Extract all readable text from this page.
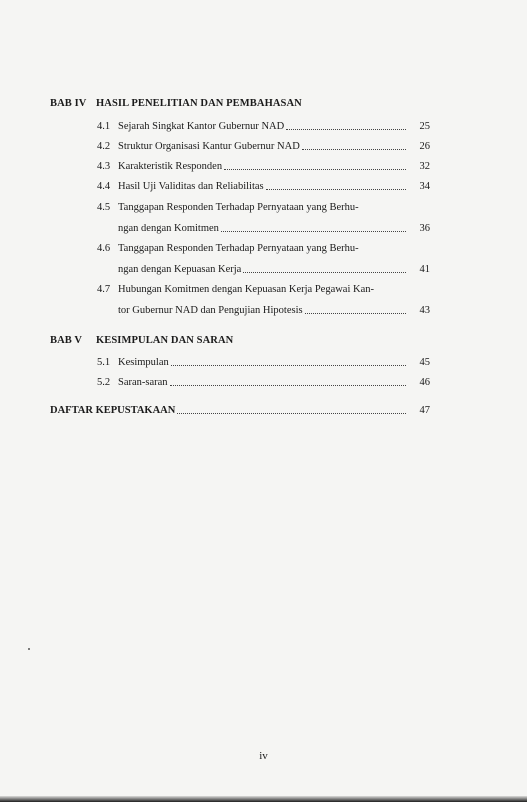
BAB IV HASIL PENELITIAN DAN PEMBAHASAN
4.1 Sejarah Singkat Kantor Gubernur NAD	25
4.2 Struktur Organisasi Kantur Gubernur NAD	26
4.3 Karakteristik Responden	32
4.4 Hasil Uji Validitas dan Reliabilitas	34
4.5 Tanggapan Responden Terhadap Pernyataan yang Berhu-
ngan dengan Komitmen	36
4.6 Tanggapan Responden Terhadap Pernyataan yang Berhu-
ngan dengan Kepuasan Kerja	41
4.7 Hubungan Komitmen dengan Kepuasan Kerja Pegawai Kan-
tor Gubernur NAD dan Pengujian Hipotesis	43
BAB V KESIMPULAN DAN SARAN
5.1 Kesimpulan	45
5.2 Saran-saran	46
DAFTAR KEPUSTAKAAN	47
iv
